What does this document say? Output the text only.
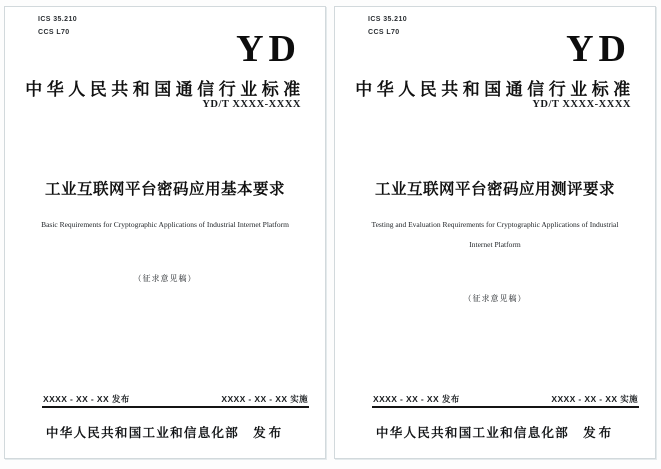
ICS 35.210
CCS L70	YD
中华人民共和国通信行业标准
YD/T XXXX-XXXX
工业互联网平台密码应用基本要求
Basic Requirements for Cryptographic Applications of Industrial Internet Platform
（征求意见稿）
XXXX - XX - XX 发布	XXXX - XX - XX 实施
中华人民共和国工业和信息化部 发布
ICS 35.210
CCS L70	YD
中华人民共和国通信行业标准
YD/T XXXX-XXXX
工业互联网平台密码应用测评要求
Testing and Evaluation Requirements for Cryptographic Applications of Industrial
Internet Platform
（征求意见稿）
XXXX - XX - XX 发布	XXXX - XX - XX 实施
中华人民共和国工业和信息化部 发布
